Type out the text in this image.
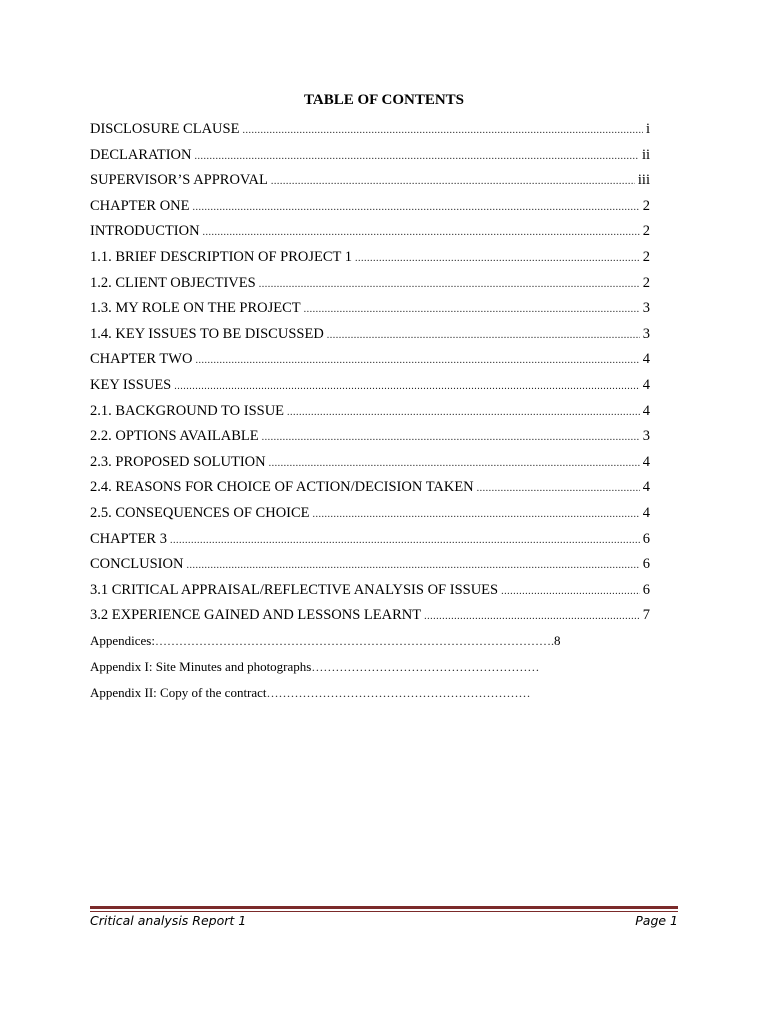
TABLE OF CONTENTS
DISCLOSURE CLAUSE .....	i
DECLARATION .....	ii
SUPERVISOR’S APPROVAL .....	iii
CHAPTER ONE .....	2
INTRODUCTION .....	2
1.1. BRIEF DESCRIPTION OF PROJECT 1 .....	2
1.2. CLIENT OBJECTIVES .....	2
1.3. MY ROLE ON THE PROJECT .....	3
1.4. KEY ISSUES TO BE DISCUSSED .....	3
CHAPTER TWO .....	4
KEY ISSUES .....	4
2.1. BACKGROUND TO ISSUE .....	4
2.2. OPTIONS AVAILABLE .....	3
2.3. PROPOSED SOLUTION .....	4
2.4. REASONS FOR CHOICE OF ACTION/DECISION TAKEN .....	4
2.5. CONSEQUENCES OF CHOICE .....	4
CHAPTER 3 .....	6
CONCLUSION .....	6
3.1 CRITICAL APPRAISAL/REFLECTIVE ANALYSIS OF ISSUES .....	6
3.2 EXPERIENCE GAINED AND LESSONS LEARNT .....	7
Appendices: ………………………………………………………………………………………. 8
Appendix I: Site Minutes and photographs …………………………………………………
Appendix II: Copy of the contract …………………………………………………………
Critical analysis Report 1	Page 1
